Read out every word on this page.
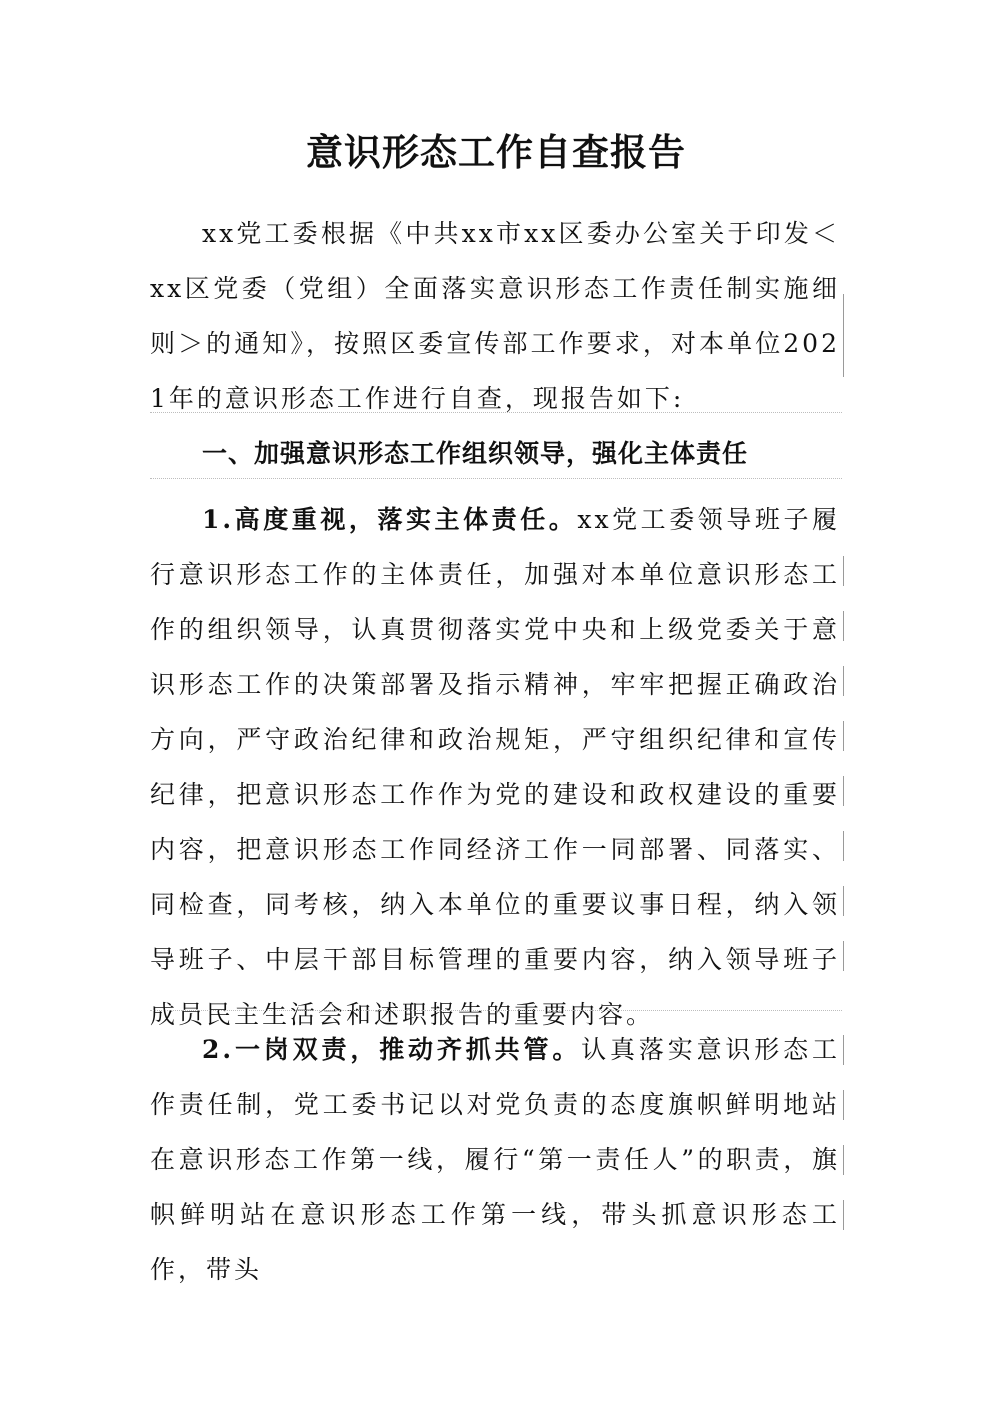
意识形态工作自查报告

xx党工委根据《中共xx市xx区委办公室关于印发＜xx区党委（党组）全面落实意识形态工作责任制实施细则＞的通知》，按照区委宣传部工作要求，对本单位2021年的意识形态工作进行自查，现报告如下:

一、加强意识形态工作组织领导，强化主体责任

1.高度重视，落实主体责任。xx党工委领导班子履行意识形态工作的主体责任，加强对本单位意识形态工作的组织领导，认真贯彻落实党中央和上级党委关于意识形态工作的决策部署及指示精神，牢牢把握正确政治方向，严守政治纪律和政治规矩，严守组织纪律和宣传纪律，把意识形态工作作为党的建设和政权建设的重要内容，把意识形态工作同经济工作一同部署、同落实、同检查，同考核，纳入本单位的重要议事日程，纳入领导班子、中层干部目标管理的重要内容，纳入领导班子成员民主生活会和述职报告的重要内容。

2.一岗双责，推动齐抓共管。认真落实意识形态工作责任制，党工委书记以对党负责的态度旗帜鲜明地站在意识形态工作第一线，履行“第一责任人”的职责，旗帜鲜明站在意识形态工作第一线，带头抓意识形态工作，带头
